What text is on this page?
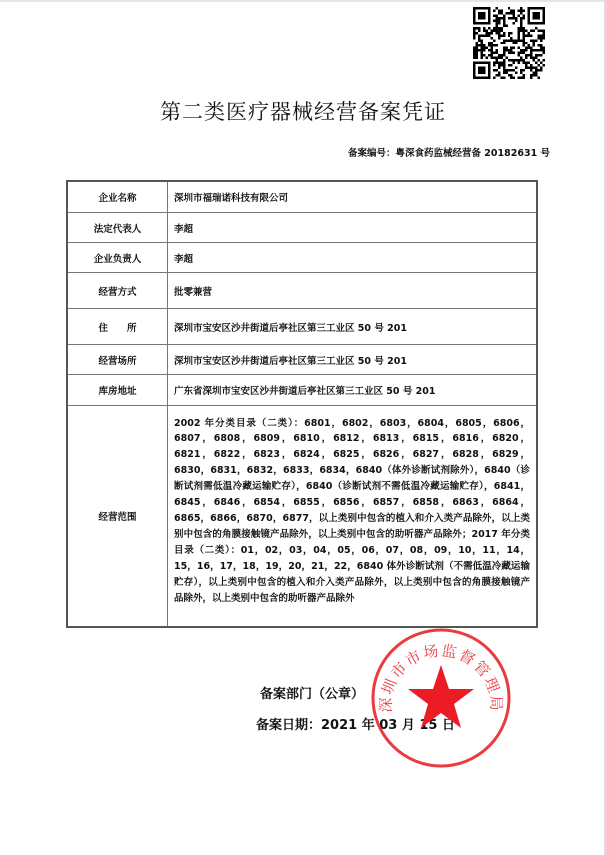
第二类医疗器械经营备案凭证
备案编号：粤深食药监械经营备 20182631 号
企业名称	深圳市福瑞诺科技有限公司
法定代表人	李超
企业负责人	李超
经营方式	批零兼营
住　　所	深圳市宝安区沙井街道后亭社区第三工业区 50 号 201
经营场所	深圳市宝安区沙井街道后亭社区第三工业区 50 号 201
库房地址	广东省深圳市宝安区沙井街道后亭社区第三工业区 50 号 201
经营范围	2002 年分类目录（二类）：6801，6802，6803，6804，6805，6806，6807，6808，6809，6810，6812，6813，6815，6816，6820，6821，6822，6823，6824，6825，6826，6827，6828，6829，6830，6831，6832，6833，6834，6840（体外诊断试剂除外），6840（诊断试剂需低温冷藏运输贮存），6840（诊断试剂不需低温冷藏运输贮存），6841，6845，6846，6854，6855，6856，6857，6858，6863，6864，6865，6866，6870，6877，以上类别中包含的植入和介入类产品除外，以上类别中包含的角膜接触镜产品除外，以上类别中包含的助听器产品除外；2017 年分类目录（二类）：01，02，03，04，05，06，07，08，09，10，11，14，15，16，17，18，19，20，21，22，6840 体外诊断试剂（不需低温冷藏运输贮存），以上类别中包含的植入和介入类产品除外，以上类别中包含的角膜接触镜产品除外，以上类别中包含的助听器产品除外
备案部门（公章）
备案日期：2021 年 03 月 15 日
深圳市市场监督管理局
